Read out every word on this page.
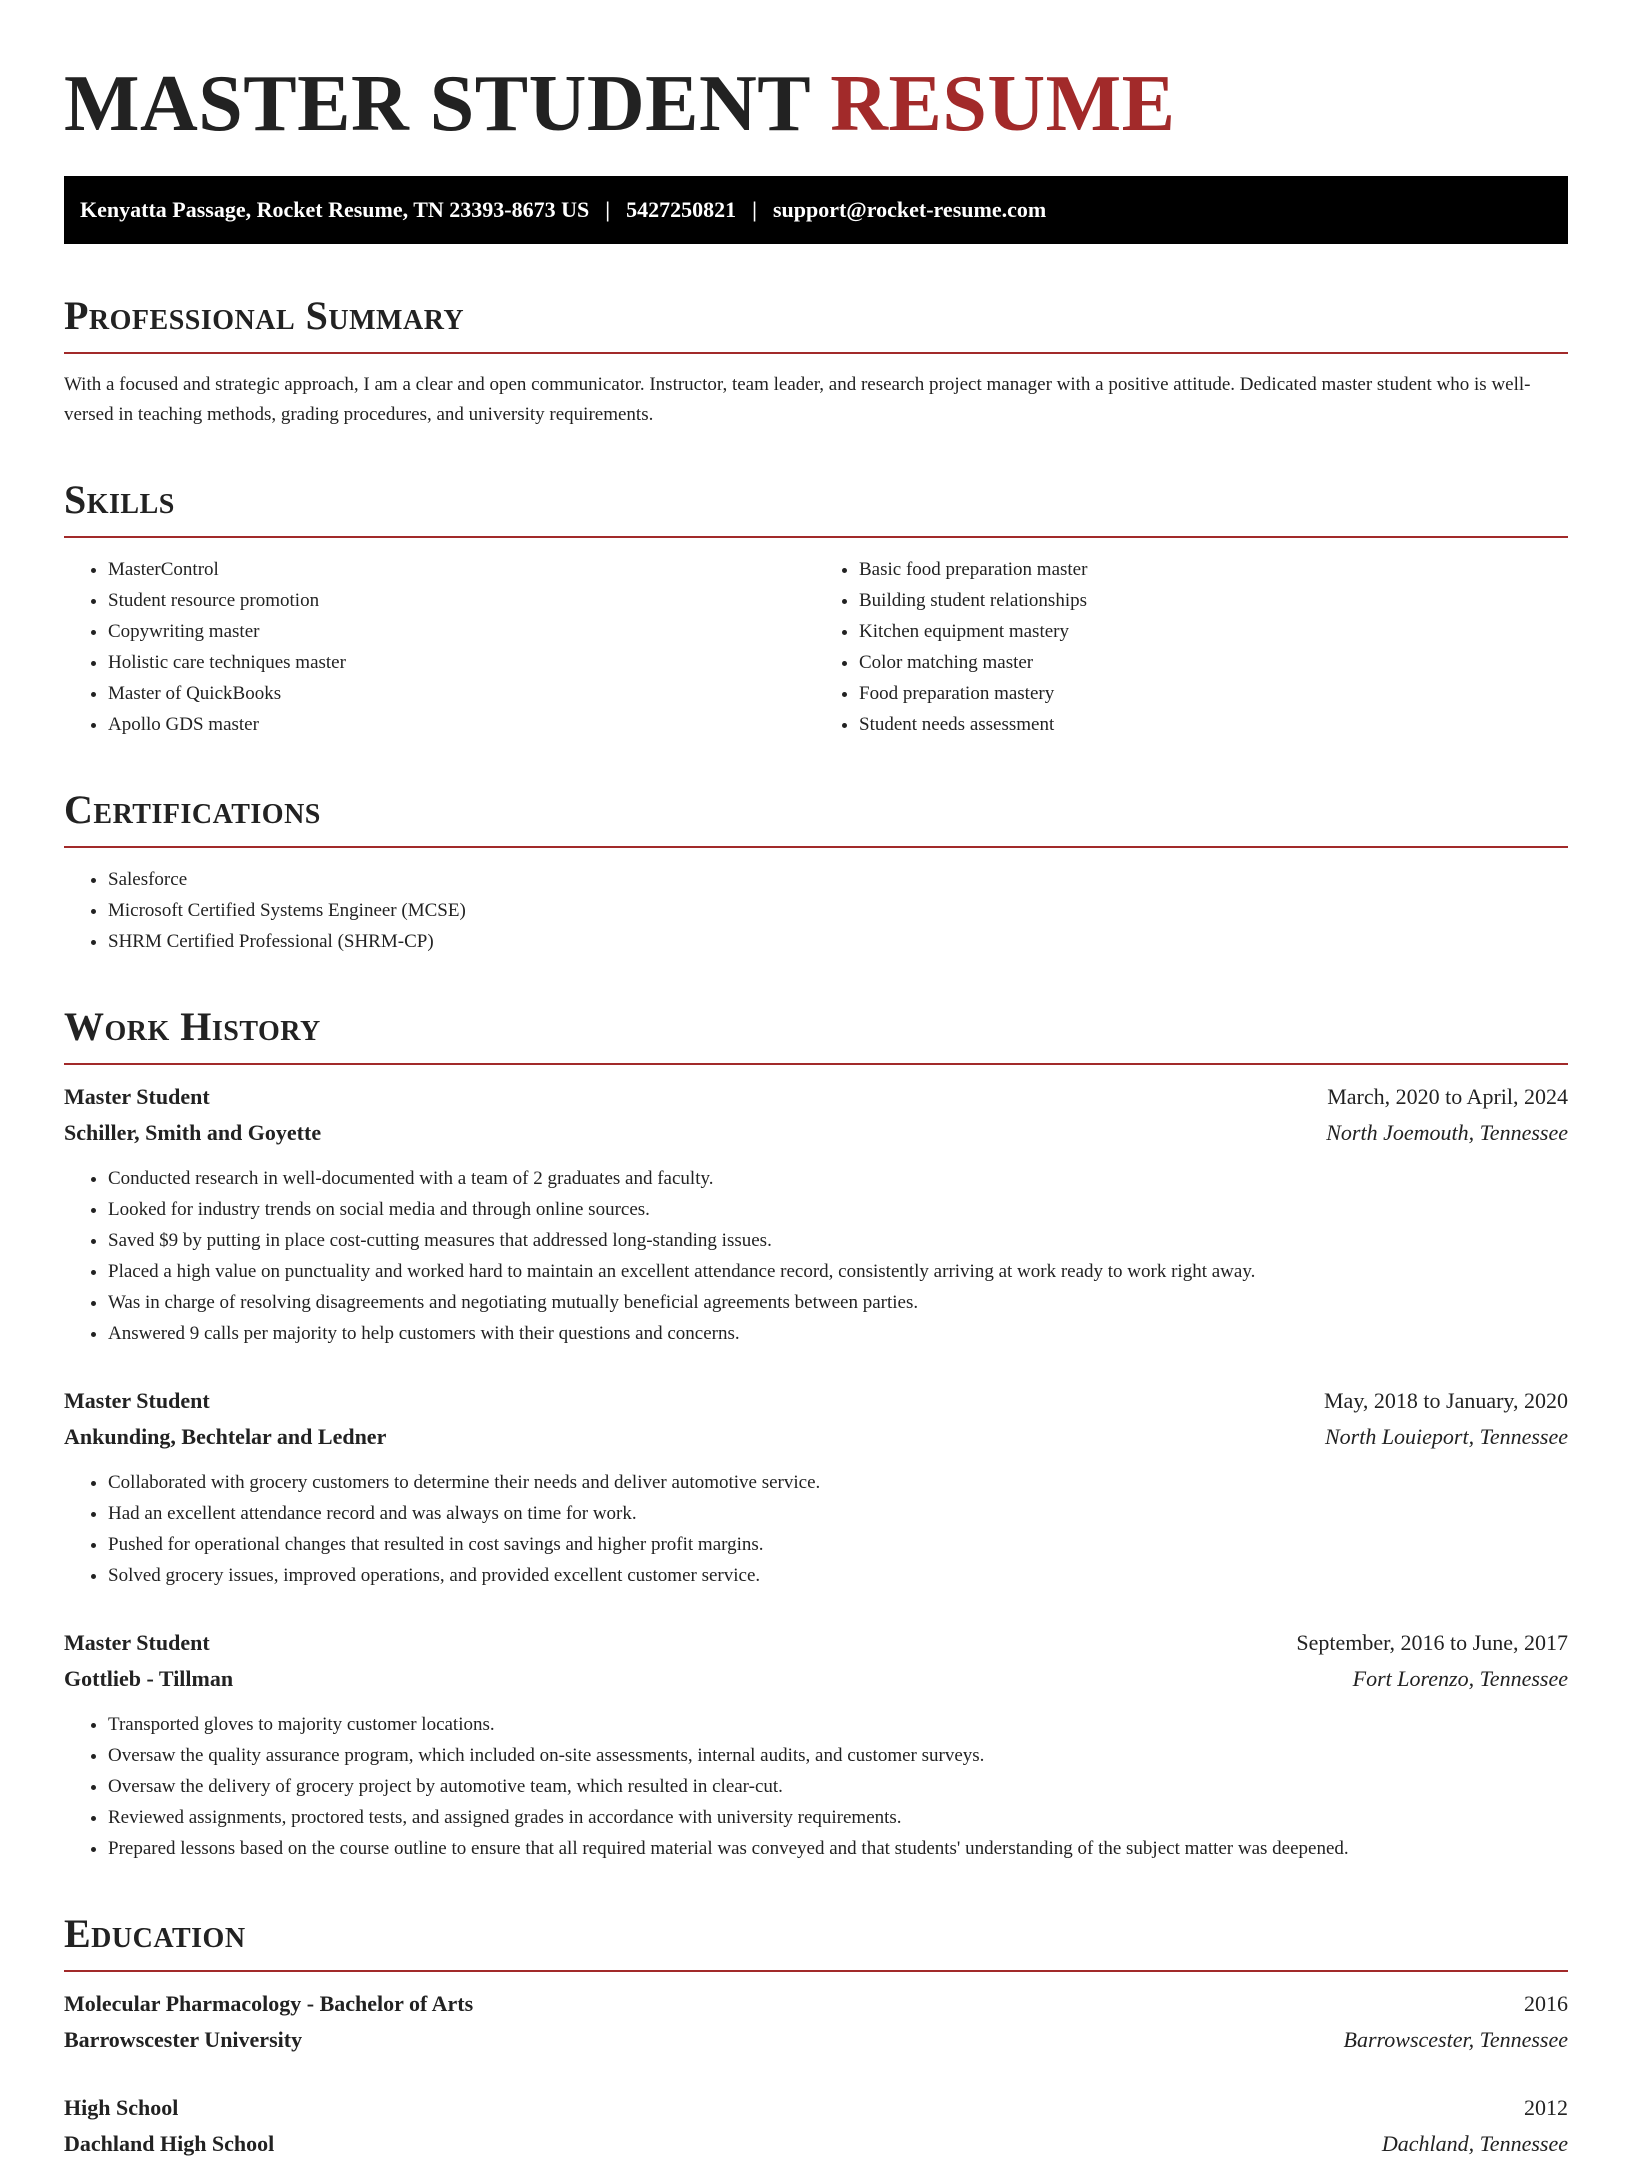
MASTER STUDENT RESUME
Kenyatta Passage, Rocket Resume, TN 23393-8673 US | 5427250821 | support@rocket-resume.com
Professional Summary
With a focused and strategic approach, I am a clear and open communicator. Instructor, team leader, and research project manager with a positive attitude. Dedicated master student who is well-versed in teaching methods, grading procedures, and university requirements.
Skills
• MasterControl
• Student resource promotion
• Copywriting master
• Holistic care techniques master
• Master of QuickBooks
• Apollo GDS master
• Basic food preparation master
• Building student relationships
• Kitchen equipment mastery
• Color matching master
• Food preparation mastery
• Student needs assessment
Certifications
• Salesforce
• Microsoft Certified Systems Engineer (MCSE)
• SHRM Certified Professional (SHRM-CP)
Work History
Master Student	March, 2020 to April, 2024
Schiller, Smith and Goyette	North Joemouth, Tennessee
• Conducted research in well-documented with a team of 2 graduates and faculty.
• Looked for industry trends on social media and through online sources.
• Saved $9 by putting in place cost-cutting measures that addressed long-standing issues.
• Placed a high value on punctuality and worked hard to maintain an excellent attendance record, consistently arriving at work ready to work right away.
• Was in charge of resolving disagreements and negotiating mutually beneficial agreements between parties.
• Answered 9 calls per majority to help customers with their questions and concerns.
Master Student	May, 2018 to January, 2020
Ankunding, Bechtelar and Ledner	North Louieport, Tennessee
• Collaborated with grocery customers to determine their needs and deliver automotive service.
• Had an excellent attendance record and was always on time for work.
• Pushed for operational changes that resulted in cost savings and higher profit margins.
• Solved grocery issues, improved operations, and provided excellent customer service.
Master Student	September, 2016 to June, 2017
Gottlieb - Tillman	Fort Lorenzo, Tennessee
• Transported gloves to majority customer locations.
• Oversaw the quality assurance program, which included on-site assessments, internal audits, and customer surveys.
• Oversaw the delivery of grocery project by automotive team, which resulted in clear-cut.
• Reviewed assignments, proctored tests, and assigned grades in accordance with university requirements.
• Prepared lessons based on the course outline to ensure that all required material was conveyed and that students' understanding of the subject matter was deepened.
Education
Molecular Pharmacology - Bachelor of Arts	2016
Barrowscester University	Barrowscester, Tennessee
High School	2012
Dachland High School	Dachland, Tennessee
